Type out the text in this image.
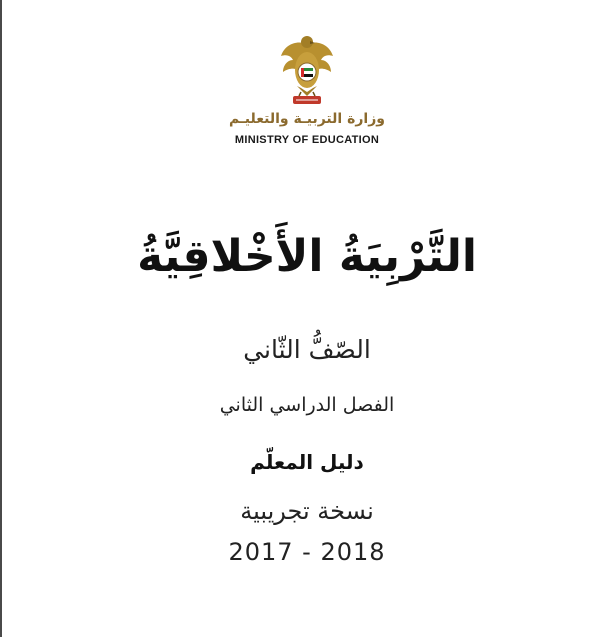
وزارة التربيـة والتعليـم
MINISTRY OF EDUCATION
التَّرْبِيَةُ الأَخْلاقِيَّةُ
الصّفُّ الثّاني
الفصل الدراسي الثاني
دليل المعلّم
نسخة تجريبية
2017 - 2018
